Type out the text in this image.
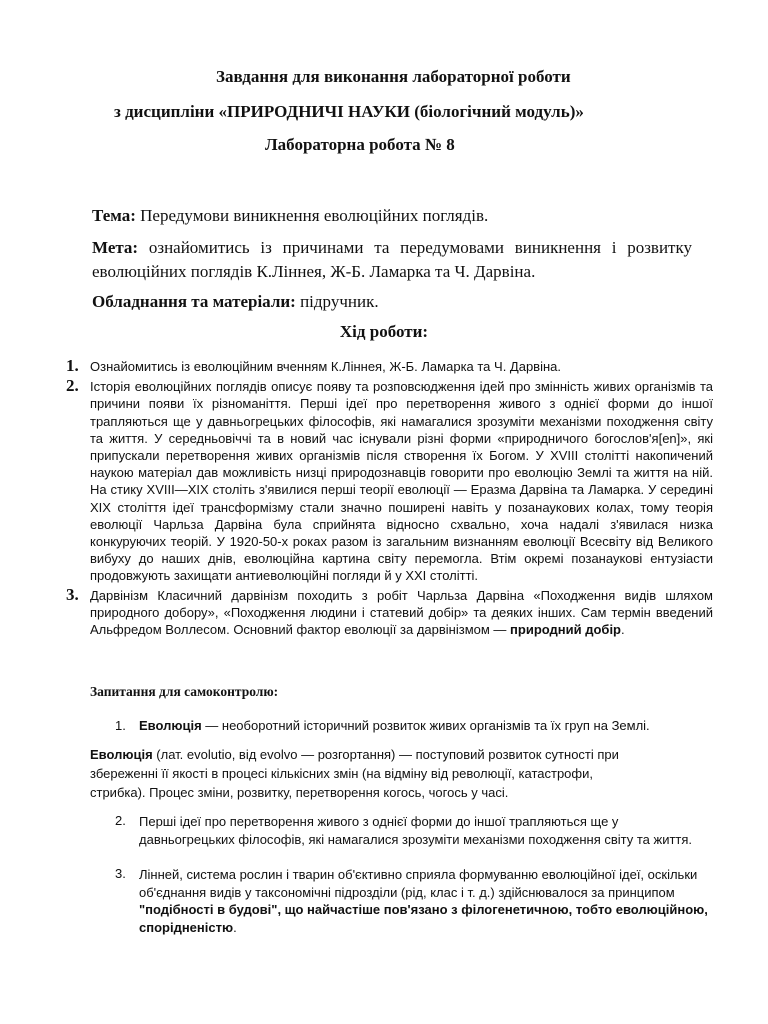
Завдання для виконання лабораторної роботи
з дисципліни «ПРИРОДНИЧІ НАУКИ (біологічний модуль)»
Лабораторна робота № 8
Тема: Передумови виникнення еволюційних поглядів.
Мета: ознайомитись із причинами та передумовами виникнення і розвитку еволюційних поглядів К.Ліннея, Ж-Б. Ламарка та Ч. Дарвіна.
Обладнання та матеріали: підручник.
Хід роботи:
1. Ознайомитись із еволюційним вченням К.Ліннея, Ж-Б. Ламарка та Ч. Дарвіна.
2. Історія еволюційних поглядів описує появу та розповсюдження ідей про змінність живих організмів та причини появи їх різноманіття. Перші ідеї про перетворення живого з однієї форми до іншої трапляються ще у давньогрецьких філософів, які намагалися зрозуміти механізми походження світу та життя. У середньовіччі та в новий час існували різні форми «природничого богослов'я[en]», які припускали перетворення живих організмів після створення їх Богом. У XVIII столітті накопичений наукою матеріал дав можливість низці природознавців говорити про еволюцію Землі та життя на ній. На стику XVIII—XIX століть з'явилися перші теорії еволюції — Еразма Дарвіна та Ламарка. У середині XIX століття ідеї трансформізму стали значно поширені навіть у позанаукових колах, тому теорія еволюції Чарльза Дарвіна була сприйнята відносно схвально, хоча надалі з'явилася низка конкуруючих теорій. У 1920-50-х роках разом із загальним визнанням еволюції Всесвіту від Великого вибуху до наших днів, еволюційна картина світу перемогла. Втім окремі позанаукові ентузіасти продовжують захищати антиеволюційні погляди й у XXI столітті.
3. Дарвінізм Класичний дарвінізм походить з робіт Чарльза Дарвіна «Походження видів шляхом природного добору», «Походження людини і статевий добір» та деяких інших. Сам термін введений Альфредом Воллесом. Основний фактор еволюції за дарвінізмом — природний добір.
Запитання для самоконтролю:
1.	Еволюція — необоротний історичний розвиток живих організмів та їх груп на Землі.
Еволюція (лат. evolutio, від evolvo — розгортання) — поступовий розвиток сутності при збереженні її якості в процесі кількісних змін (на відміну від революції, катастрофи, стрибка). Процес зміни, розвитку, перетворення когось, чогось у часі.
2. Перші ідеї про перетворення живого з однієї форми до іншої трапляються ще у давньогрецьких філософів, які намагалися зрозуміти механізми походження світу та життя.
3. Лінней, система рослин і тварин об'єктивно сприяла формуванню еволюційної ідеї, оскільки об'єднання видів у таксономічні підрозділи (рід, клас і т. д.) здійснювалося за принципом "подібності в будові", що найчастіше пов'язано з філогенетичною, тобто еволюційною, спорідненістю.
